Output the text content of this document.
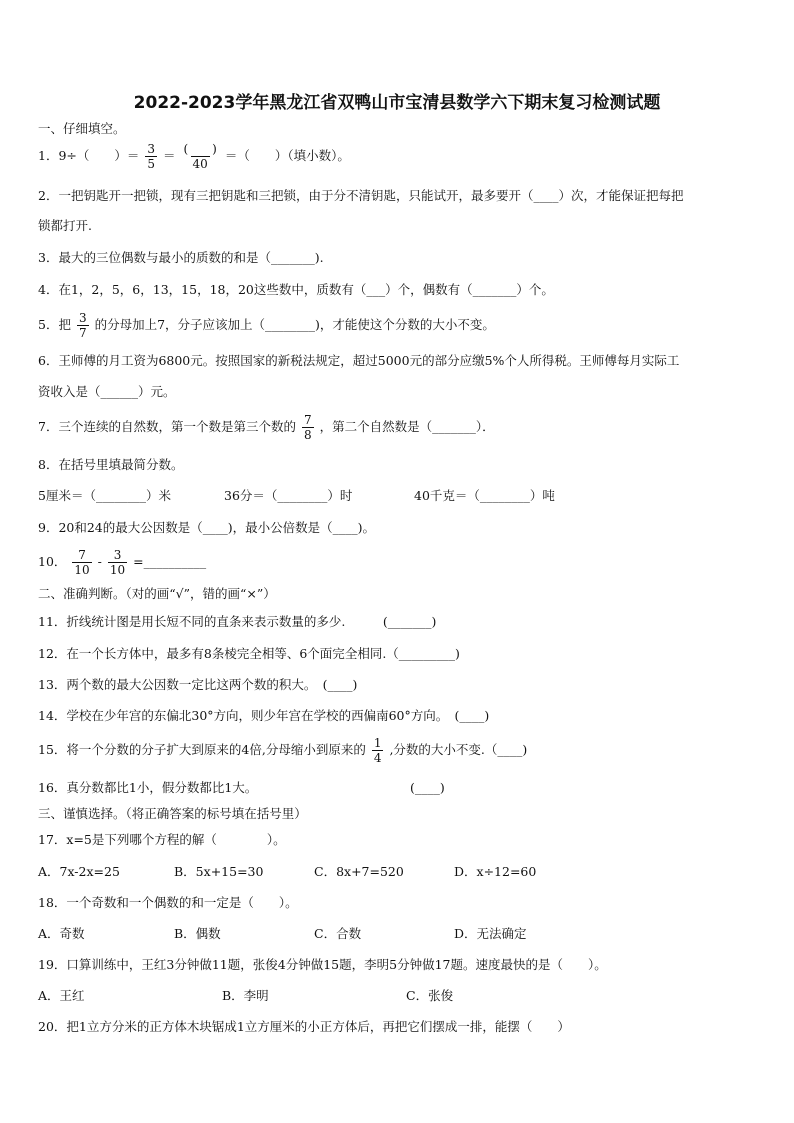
2022-2023学年黑龙江省双鸭山市宝清县数学六下期末复习检测试题
一、仔细填空。
1．9÷（　　）＝ $\frac{3}{5} = \frac{( )}{40}$ ＝（　　）（填小数）。
2．一把钥匙开一把锁，现有三把钥匙和三把锁，由于分不清钥匙，只能试开，最多要开（____）次，才能保证把每把
锁都打开.
3．最大的三位偶数与最小的质数的和是（_______).
4．在1，2，5，6，13，15，18，20这些数中，质数有（___）个，偶数有（_______）个。
5．把 $\frac{3}{7}$ 的分母加上7，分子应该加上（________)，才能使这个分数的大小不变。
6．王师傅的月工资为6800元。按照国家的新税法规定，超过5000元的部分应缴5%个人所得税。王师傅每月实际工
资收入是（______）元。
7．三个连续的自然数，第一个数是第三个数的 $\frac{7}{8}$ ，第二个自然数是（_______）．
8．在括号里填最简分数。
5厘米＝（________）米	36分＝（________）时	40千克＝（________）吨
9．20和24的最大公因数是（____)，最小公倍数是（____)。
10． $\frac{7}{10} - \frac{3}{10}$ =__________
二、准确判断。（对的画“√”，错的画“×”）
11．折线统计图是用长短不同的直条来表示数量的多少.　　　(_______)
12．在一个长方体中，最多有8条棱完全相等、6个面完全相同.（_________)
13．两个数的最大公因数一定比这两个数的积大。　(____)
14．学校在少年宫的东偏北30°方向，则少年宫在学校的西偏南60°方向。　(____)
15．将一个分数的分子扩大到原来的4倍,分母缩小到原来的 $\frac{1}{4}$ ,分数的大小不变.（____)
16．真分数都比1小，假分数都比1大。	(____)
三、谨慎选择。（将正确答案的标号填在括号里）
17．x=5是下列哪个方程的解（　　　　）。
A．7x-2x=25	B．5x+15=30	C．8x+7=520	D．x÷12=60
18．一个奇数和一个偶数的和一定是（　　）。
A．奇数	B．偶数	C．合数	D．无法确定
19．口算训练中，王红3分钟做11题，张俊4分钟做15题，李明5分钟做17题。速度最快的是（　　）。
A．王红	B．李明	C．张俊
20．把1立方分米的正方体木块锯成1立方厘米的小正方体后，再把它们摆成一排，能摆（　　）
